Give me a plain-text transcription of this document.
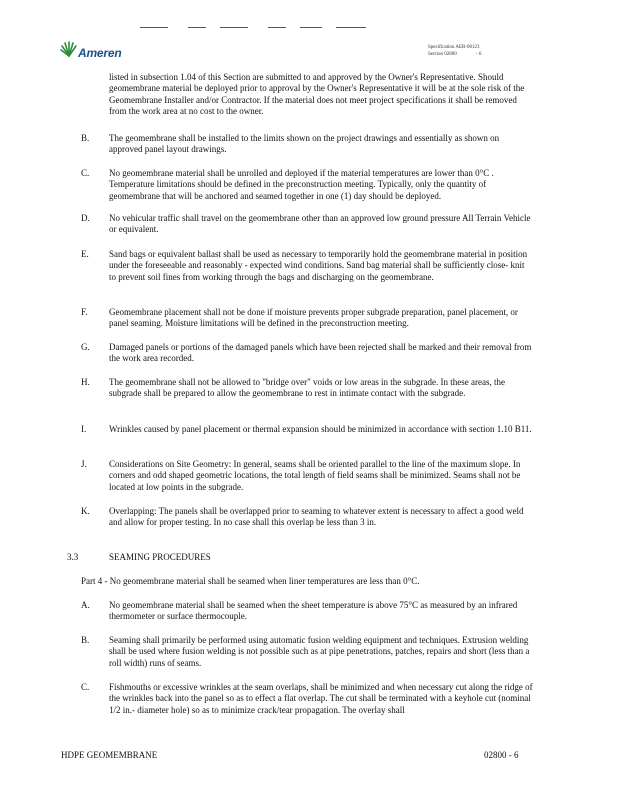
Ameren	Specification AER-00123
Section 02800	- 6
listed in subsection 1.04 of this Section are submitted to and approved by the Owner's Representative. Should geomembrane material be deployed prior to approval by the Owner's Representative it will be at the sole risk of the Geomembrane Installer and/or Contractor. If the material does not meet project specifications it shall be removed from the work area at no cost to the owner.
B. The geomembrane shall be installed to the limits shown on the project drawings and essentially as shown on approved panel layout drawings.
C. No geomembrane material shall be unrolled and deployed if the material temperatures are lower than 0°C . Temperature limitations should be defined in the preconstruction meeting. Typically, only the quantity of geomembrane that will be anchored and seamed together in one (1) day should be deployed.
D. No vehicular traffic shall travel on the geomembrane other than an approved low ground pressure All Terrain Vehicle or equivalent.
E. Sand bags or equivalent ballast shall be used as necessary to temporarily hold the geomembrane material in position under the foreseeable and reasonably - expected wind conditions. Sand bag material shall be sufficiently close- knit to prevent soil fines from working through the bags and discharging on the geomembrane.
F. Geomembrane placement shall not be done if moisture prevents proper subgrade preparation, panel placement, or panel seaming. Moisture limitations will be defined in the preconstruction meeting.
G. Damaged panels or portions of the damaged panels which have been rejected shall be marked and their removal from the work area recorded.
H. The geomembrane shall not be allowed to "bridge over" voids or low areas in the subgrade. In these areas, the subgrade shall be prepared to allow the geomembrane to rest in intimate contact with the subgrade.
I.	Wrinkles caused by panel placement or thermal expansion should be minimized in accordance with section 1.10 B11.
J. Considerations on Site Geometry: In general, seams shall be oriented parallel to the line of the maximum slope. In corners and odd shaped geometric locations, the total length of field seams shall be minimized. Seams shall not be located at low points in the subgrade.
K. Overlapping: The panels shall be overlapped prior to seaming to whatever extent is necessary to affect a good weld and allow for proper testing. In no case shall this overlap be less than 3 in.
3.3	SEAMING PROCEDURES
Part 4 - No geomembrane material shall be seamed when liner temperatures are less than 0°C.
A. No geomembrane material shall be seamed when the sheet temperature is above 75°C as measured by an infrared thermometer or surface thermocouple.
B. Seaming shall primarily be performed using automatic fusion welding equipment and techniques. Extrusion welding shall be used where fusion welding is not possible such as at pipe penetrations, patches, repairs and short (less than a roll width) runs of seams.
C. Fishmouths or excessive wrinkles at the seam overlaps, shall be minimized and when necessary cut along the ridge of the wrinkles back into the panel so as to effect a flat overlap. The cut shall be terminated with a keyhole cut (nominal 1/2 in.- diameter hole) so as to minimize crack/tear propagation. The overlay shall
HDPE GEOMEMBRANE	02800 - 6
